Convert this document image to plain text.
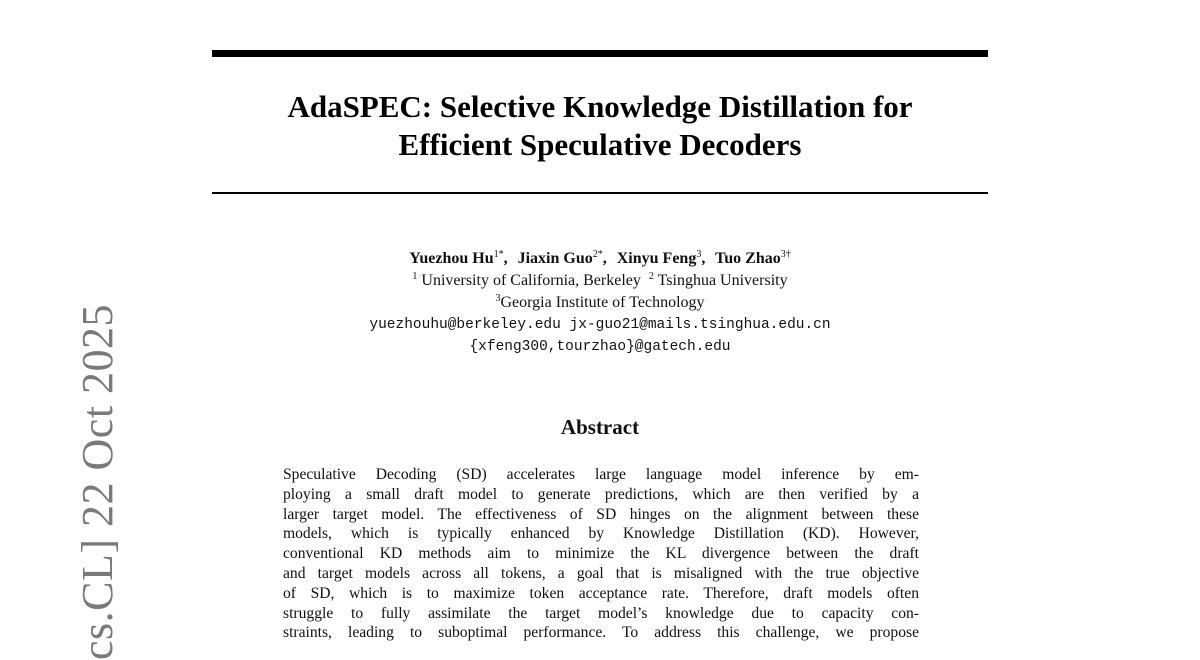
AdaSPEC: Selective Knowledge Distillation for
Efficient Speculative Decoders
Yuezhou $Hu^{1*}$, Jiaxin Guo$^{2*}$, Xinyu Feng$^3$, Tuo Zhao$^{3\dagger}$
$^1$ University of California, Berkeley $^2$ Tsinghua University
$^3$Georgia Institute of Technology
yuezhouhu@berkeley.edu jx-guo21@mails.tsinghua.edu.cn
{xfeng300,tourzhao}@gatech.edu
Abstract
Speculative Decoding (SD) accelerates large language model inference by em-
ploying a small draft model to generate predictions, which are then verified by a
larger target model. The effectiveness of SD hinges on the alignment between these
models, which is typically enhanced by Knowledge Distillation (KD). However,
conventional KD methods aim to minimize the KL divergence between the draft
and target models across all tokens, a goal that is misaligned with the true objective
of SD, which is to maximize token acceptance rate. Therefore, draft models often
struggle to fully assimilate the target model’s knowledge due to capacity con-
straints, leading to suboptimal performance. To address this challenge, we propose
cs.CL] 22 Oct 2025
